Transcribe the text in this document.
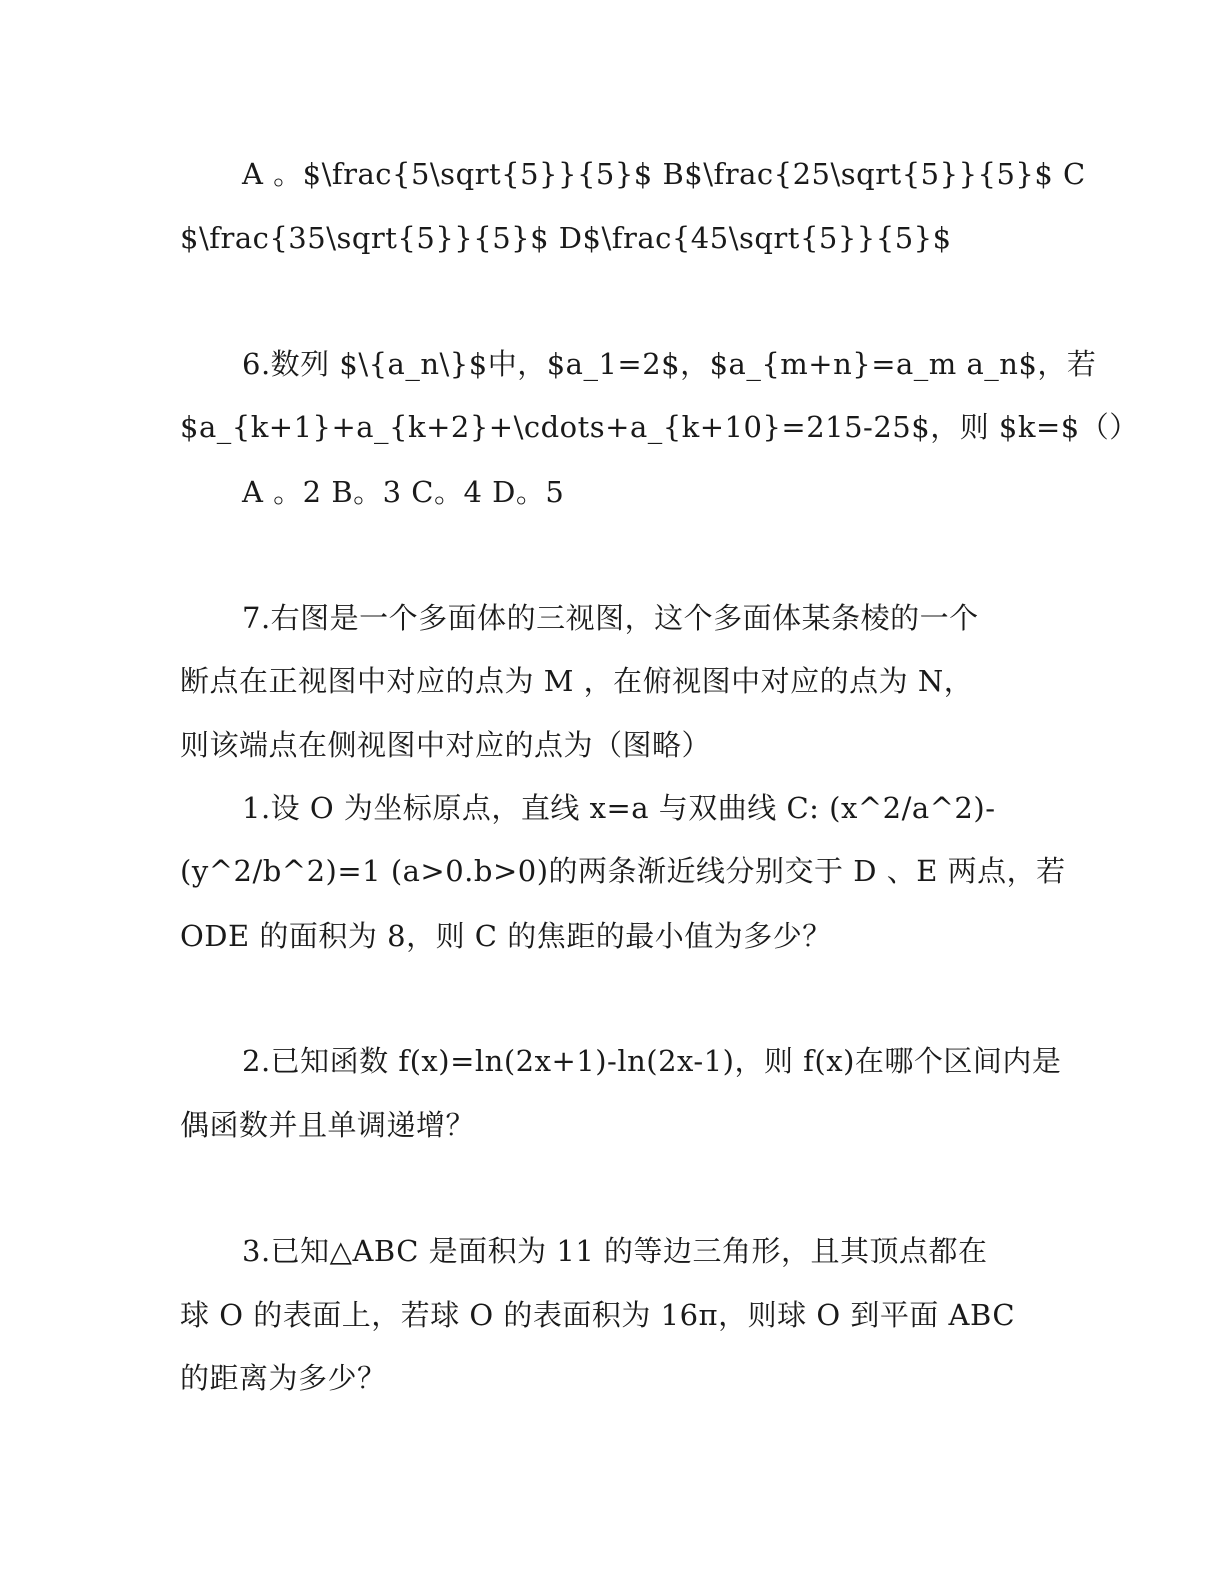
A 。$\frac{5\sqrt{5}}{5}$ B$\frac{25\sqrt{5}}{5}$ C
$\frac{35\sqrt{5}}{5}$ D$\frac{45\sqrt{5}}{5}$
6.数列 $\{a_n\}$中，$a_1=2$，$a_{m+n}=a_m a_n$，若
$a_{k+1}+a_{k+2}+\cdots+a_{k+10}=215-25$，则 $k=$（）
A 。2 B。3 C。4 D。5
7.右图是一个多面体的三视图，这个多面体某条棱的一个
断点在正视图中对应的点为 M ，在俯视图中对应的点为 N，
则该端点在侧视图中对应的点为（图略）
1.设 O 为坐标原点，直线 x=a 与双曲线 C: (x^2/a^2)-
(y^2/b^2)=1 (a>0.b>0)的两条渐近线分别交于 D 、E 两点，若
ODE 的面积为 8，则 C 的焦距的最小值为多少？
2.已知函数 f(x)=ln(2x+1)-ln(2x-1)，则 f(x)在哪个区间内是
偶函数并且单调递增？
3.已知△ABC 是面积为 11 的等边三角形，且其顶点都在
球 O 的表面上，若球 O 的表面积为 16π，则球 O 到平面 ABC
的距离为多少？
